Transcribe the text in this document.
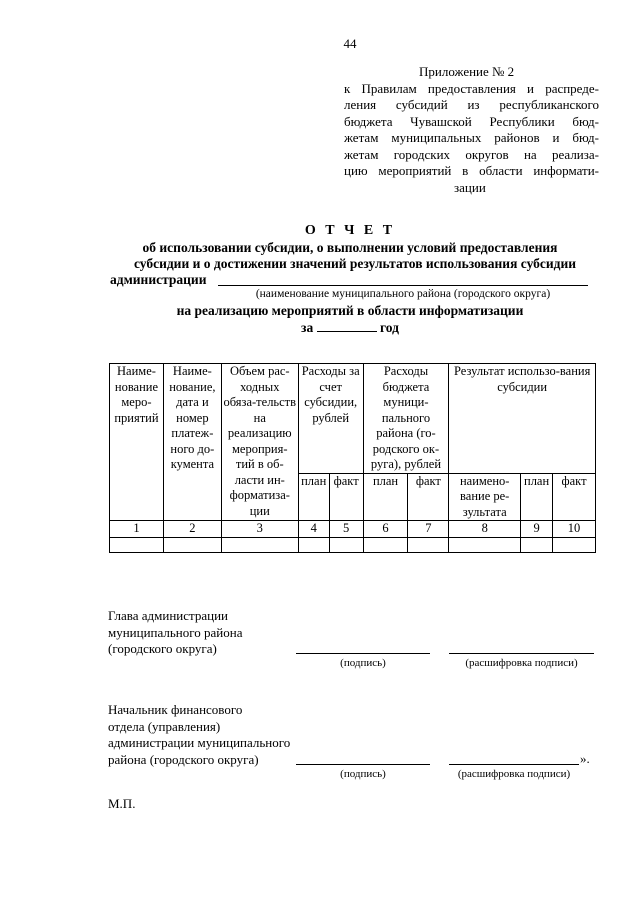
44
Приложение № 2
к Правилам предоставления и распреде-
ления субсидий из республиканского
бюджета Чувашской Республики бюд-
жетам муниципальных районов и бюд-
жетам городских округов на реализа-
цию мероприятий в области информати-
зации
О Т Ч Е Т
об использовании субсидии, о выполнении условий предоставления
субсидии и о достижении значений результатов использования субсидии
администрации
(наименование муниципального района (городского округа)
на реализацию мероприятий в области информатизации
за	год
Наиме-нование меро-приятий	Наиме-нование, дата и номер платеж-ного до-кумента	Объем рас-ходных обяза-тельств на реализацию мероприя-тий в об-ласти ин-форматиза-ции	Расходы за счет субсидии, рублей		Расходы бюджета муници-пального района (го-родского ок-руга), рублей		Результат использо-вания субсидии		
			план	факт	план	факт	наимено-вание ре-зультата	план	факт
1	2	3	4	5	6	7	8	9	10

Глава администрации
муниципального района
(городского округа)
(подпись)	(расшифровка подписи)
Начальник финансового
отдела (управления)
администрации муниципального
района (городского округа)	».
(подпись)	(расшифровка подписи)
М.П.
